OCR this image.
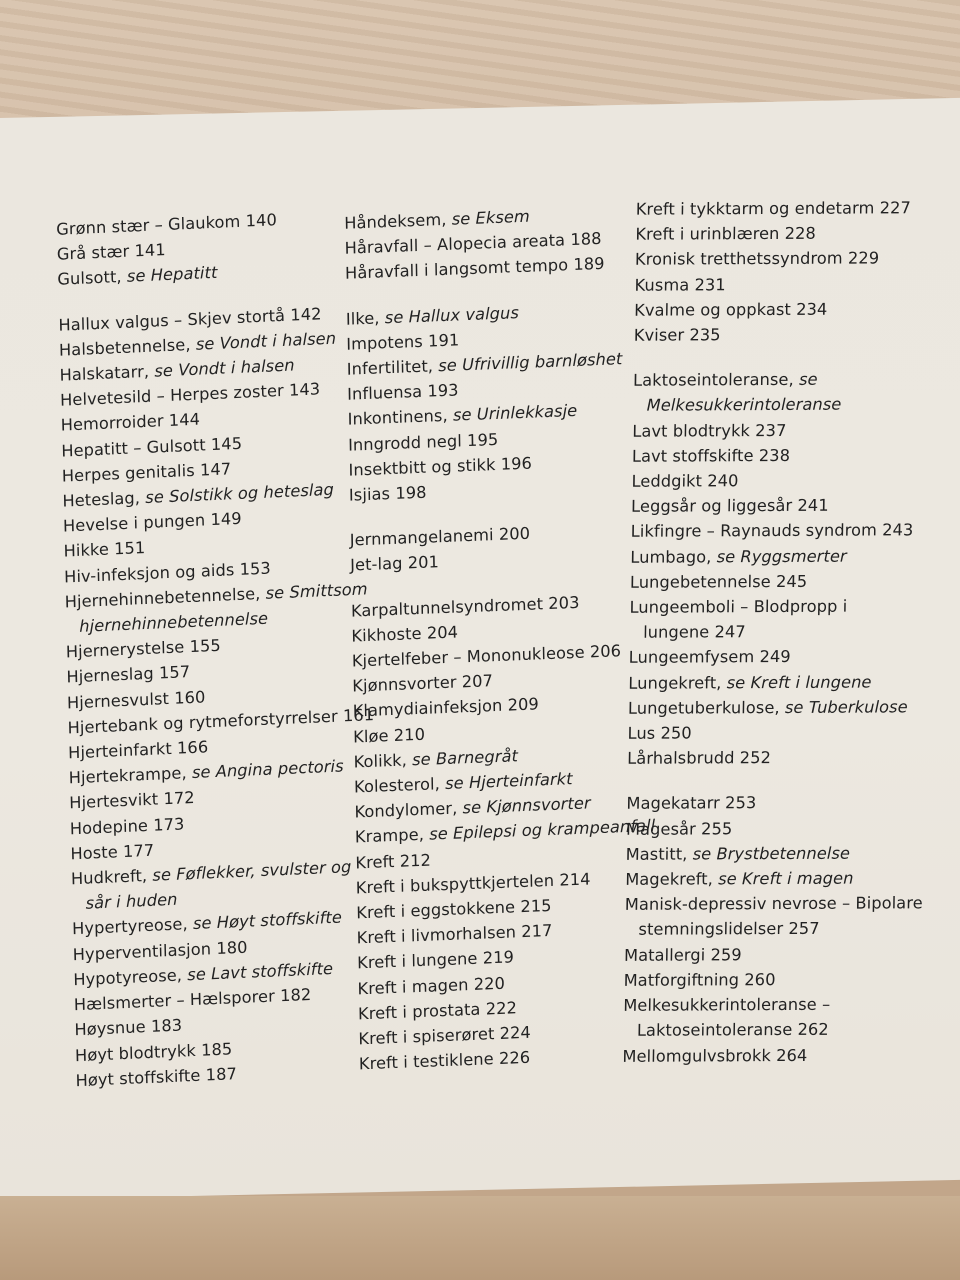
Grønn stær – Glaukom 140
Grå stær 141
Gulsott, se Hepatitt
Hallux valgus – Skjev stortå 142
Halsbetennelse, se Vondt i halsen
Halskatarr, se Vondt i halsen
Helvetesild – Herpes zoster 143
Hemorroider 144
Hepatitt – Gulsott 145
Herpes genitalis 147
Heteslag, se Solstikk og heteslag
Hevelse i pungen 149
Hikke 151
Hiv-infeksjon og aids 153
Hjernehinnebetennelse, se Smittsom
hjernehinnebetennelse
Hjernerystelse 155
Hjerneslag 157
Hjernesvulst 160
Hjertebank og rytmeforstyrrelser 161
Hjerteinfarkt 166
Hjertekrampe, se Angina pectoris
Hjertesvikt 172
Hodepine 173
Hoste 177
Hudkreft, se Føflekker, svulster og
sår i huden
Hypertyreose, se Høyt stoffskifte
Hyperventilasjon 180
Hypotyreose, se Lavt stoffskifte
Hælsmerter – Hælsporer 182
Høysnue 183
Høyt blodtrykk 185
Høyt stoffskifte 187
Håndeksem, se Eksem
Håravfall – Alopecia areata 188
Håravfall i langsomt tempo 189
Ilke, se Hallux valgus
Impotens 191
Infertilitet, se Ufrivillig barnløshet
Influensa 193
Inkontinens, se Urinlekkasje
Inngrodd negl 195
Insektbitt og stikk 196
Isjias 198
Jernmangelanemi 200
Jet-lag 201
Karpaltunnelsyndromet 203
Kikhoste 204
Kjertelfeber – Mononukleose 206
Kjønnsvorter 207
Klamydiainfeksjon 209
Kløe 210
Kolikk, se Barnegråt
Kolesterol, se Hjerteinfarkt
Kondylomer, se Kjønnsvorter
Krampe, se Epilepsi og krampeanfall
Kreft 212
Kreft i bukspyttkjertelen 214
Kreft i eggstokkene 215
Kreft i livmorhalsen 217
Kreft i lungene 219
Kreft i magen 220
Kreft i prostata 222
Kreft i spiserøret 224
Kreft i testiklene 226
Kreft i tykktarm og endetarm 227
Kreft i urinblæren 228
Kronisk tretthetssyndrom 229
Kusma 231
Kvalme og oppkast 234
Kviser 235
Laktoseintoleranse, se
Melkesukkerintoleranse
Lavt blodtrykk 237
Lavt stoffskifte 238
Leddgikt 240
Leggsår og liggesår 241
Likfingre – Raynauds syndrom 243
Lumbago, se Ryggsmerter
Lungebetennelse 245
Lungeemboli – Blodpropp i
lungene 247
Lungeemfysem 249
Lungekreft, se Kreft i lungene
Lungetuberkulose, se Tuberkulose
Lus 250
Lårhalsbrudd 252
Magekatarr 253
Magesår 255
Mastitt, se Brystbetennelse
Magekreft, se Kreft i magen
Manisk-depressiv nevrose – Bipolare
stemningslidelser 257
Matallergi 259
Matforgiftning 260
Melkesukkerintoleranse –
Laktoseintoleranse 262
Mellomgulvsbrokk 264
